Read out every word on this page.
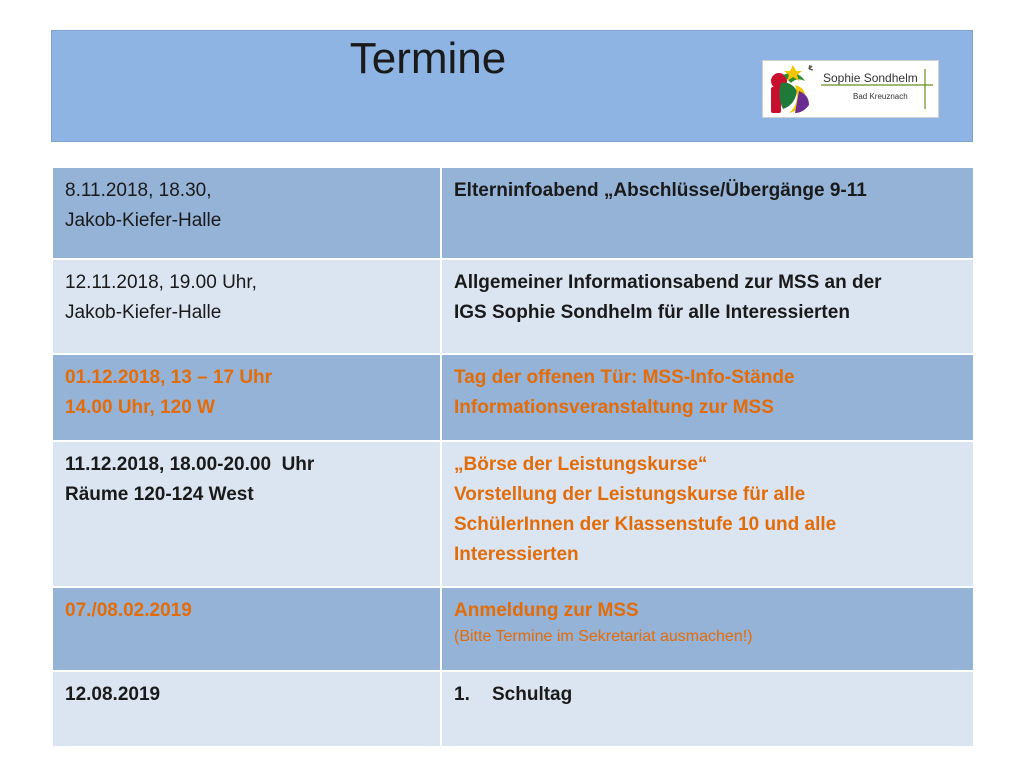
Termine	Sophie Sondhelm
Bad Kreuznach
8.11.2018, 18.30,
Jakob-Kiefer-Halle	Elterninfoabend „Abschlüsse/Übergänge 9-11

12.11.2018, 19.00 Uhr,
Jakob-Kiefer-Halle	Allgemeiner Informationsabend zur MSS an der
IGS Sophie Sondhelm für alle Interessierten

01.12.2018, 13 – 17 Uhr
14.00 Uhr, 120 W	Tag der offenen Tür: MSS-Info-Stände
Informationsveranstaltung zur MSS

11.12.2018, 18.00-20.00  Uhr
Räume 120-124 West	„Börse der Leistungskurse“
Vorstellung der Leistungskurse für alle
SchülerInnen der Klassenstufe 10 und alle
Interessierten

07./08.02.2019	Anmeldung zur MSS
(Bitte Termine im Sekretariat ausmachen!)

12.08.2019	1. Schultag
